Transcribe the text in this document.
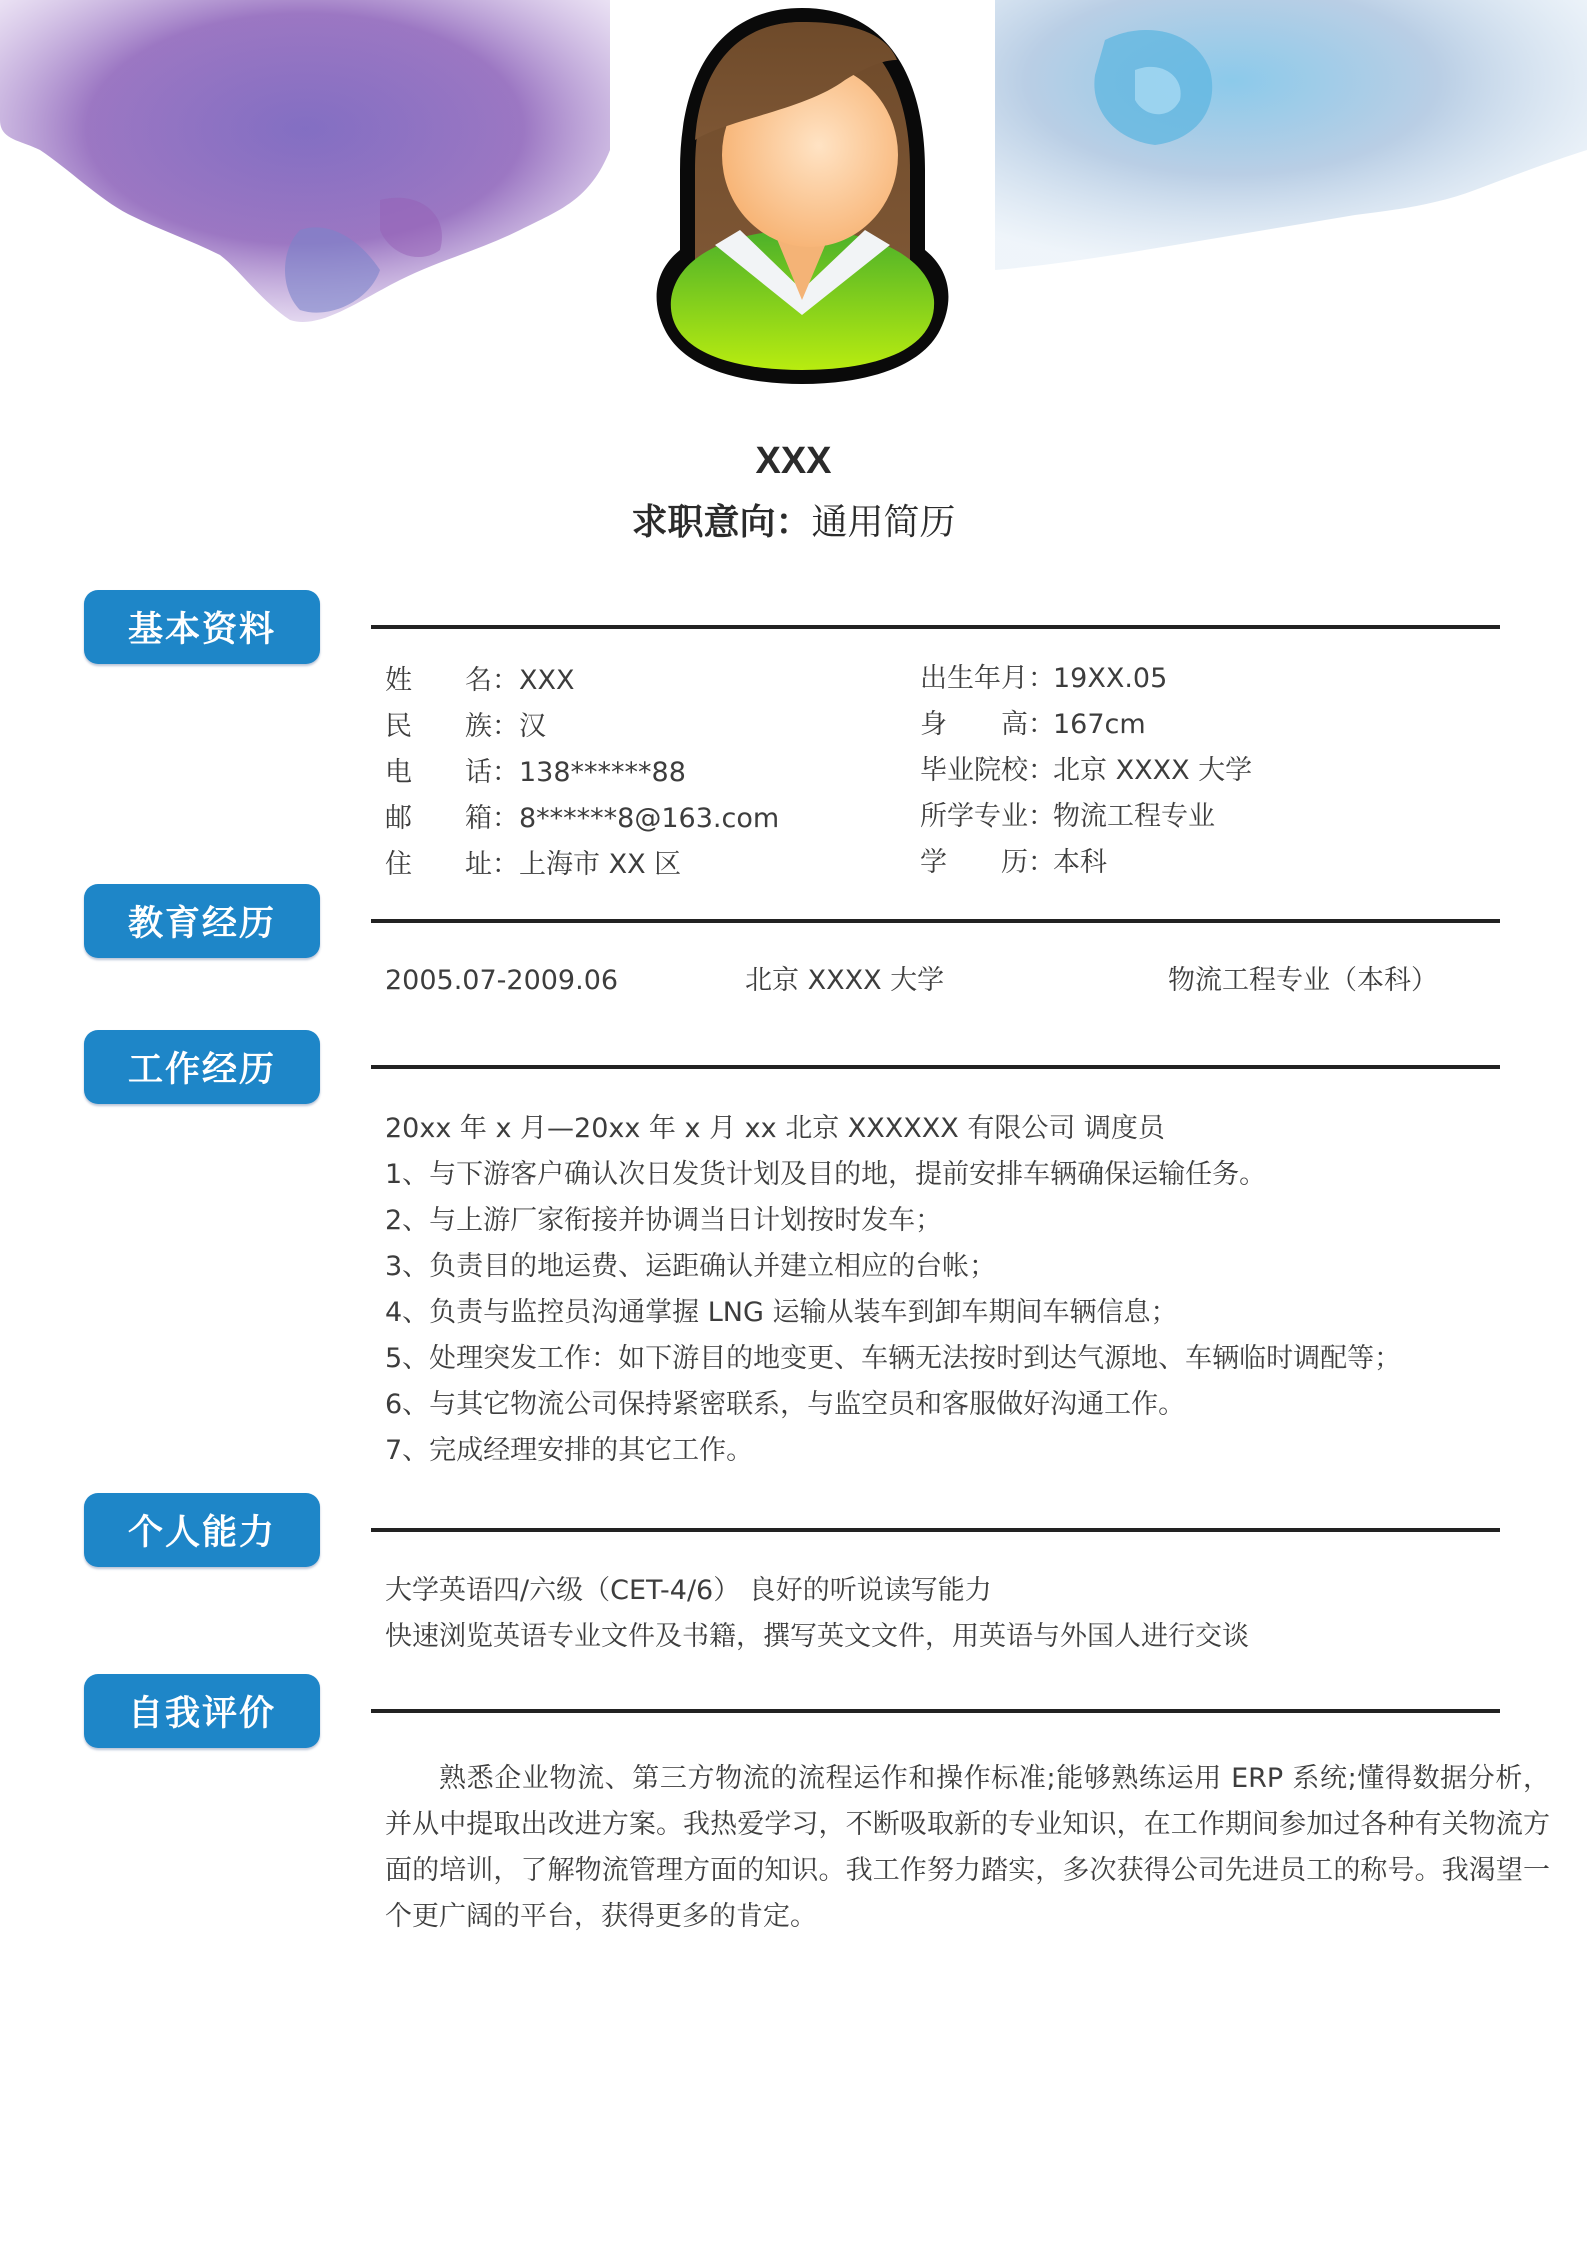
XXX
求职意向：通用简历
基本资料
姓 名：XXX
民 族：汉
电 话：138******88
邮 箱：8******8@163.com
住 址：上海市 XX 区
出生年月：19XX.05
身　　高：167cm
毕业院校：北京 XXXX 大学
所学专业：物流工程专业
学　　历：本科
教育经历
2005.07-2009.06	北京 XXXX 大学	物流工程专业（本科）
工作经历
20xx 年 x 月—20xx 年 x 月 xx 北京 XXXXXX 有限公司 调度员
1、与下游客户确认次日发货计划及目的地，提前安排车辆确保运输任务。
2、与上游厂家衔接并协调当日计划按时发车；
3、负责目的地运费、运距确认并建立相应的台帐；
4、负责与监控员沟通掌握 LNG 运输从装车到卸车期间车辆信息；
5、处理突发工作：如下游目的地变更、车辆无法按时到达气源地、车辆临时调配等；
6、与其它物流公司保持紧密联系，与监空员和客服做好沟通工作。
7、完成经理安排的其它工作。
个人能力
大学英语四/六级（CET-4/6） 良好的听说读写能力
快速浏览英语专业文件及书籍，撰写英文文件，用英语与外国人进行交谈
自我评价
熟悉企业物流、第三方物流的流程运作和操作标准;能够熟练运用 ERP 系统;懂得数据分析，并从中提取出改进方案。我热爱学习，不断吸取新的专业知识，在工作期间参加过各种有关物流方面的培训，了解物流管理方面的知识。我工作努力踏实，多次获得公司先进员工的称号。我渴望一个更广阔的平台，获得更多的肯定。
